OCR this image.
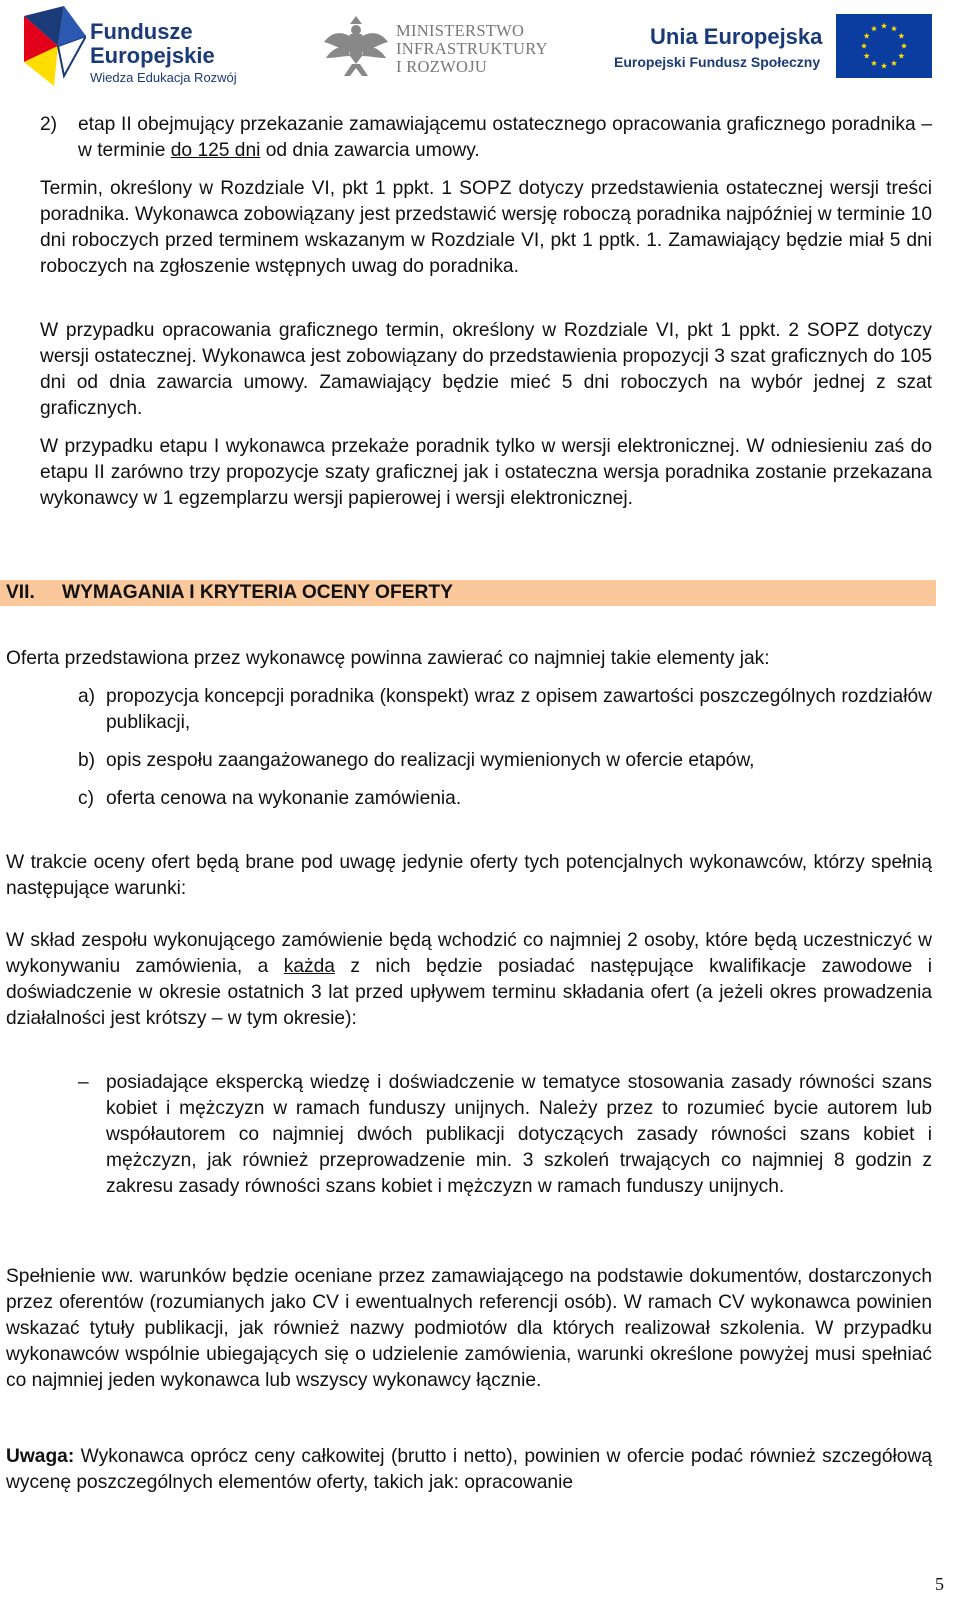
Fundusze
Europejskie
Wiedza Edukacja Rozwój
MINISTERSTWO
INFRASTRUKTURY
I ROZWOJU
Unia Europejska
Europejski Fundusz Społeczny
2) etap II obejmujący przekazanie zamawiającemu ostatecznego opracowania graficznego poradnika – w terminie do 125 dni od dnia zawarcia umowy.

Termin, określony w Rozdziale VI, pkt 1 ppkt. 1 SOPZ dotyczy przedstawienia ostatecznej wersji treści poradnika. Wykonawca zobowiązany jest przedstawić wersję roboczą poradnika najpóźniej w terminie 10 dni roboczych przed terminem wskazanym w Rozdziale VI, pkt 1 pptk. 1. Zamawiający będzie miał 5 dni roboczych na zgłoszenie wstępnych uwag do poradnika.

W przypadku opracowania graficznego termin, określony w Rozdziale VI, pkt 1 ppkt. 2 SOPZ dotyczy wersji ostatecznej. Wykonawca jest zobowiązany do przedstawienia propozycji 3 szat graficznych do 105 dni od dnia zawarcia umowy. Zamawiający będzie mieć 5 dni roboczych na wybór jednej z szat graficznych.

W przypadku etapu I wykonawca przekaże poradnik tylko w wersji elektronicznej. W odniesieniu zaś do etapu II zarówno trzy propozycje szaty graficznej jak i ostateczna wersja poradnika zostanie przekazana wykonawcy w 1 egzemplarzu wersji papierowej i wersji elektronicznej.

VII. WYMAGANIA I KRYTERIA OCENY OFERTY

Oferta przedstawiona przez wykonawcę powinna zawierać co najmniej takie elementy jak:

a) propozycja koncepcji poradnika (konspekt) wraz z opisem zawartości poszczególnych rozdziałów publikacji,

b) opis zespołu zaangażowanego do realizacji wymienionych w ofercie etapów,

c) oferta cenowa na wykonanie zamówienia.

W trakcie oceny ofert będą brane pod uwagę jedynie oferty tych potencjalnych wykonawców, którzy spełnią następujące warunki:

W skład zespołu wykonującego zamówienie będą wchodzić co najmniej 2 osoby, które będą uczestniczyć w wykonywaniu zamówienia, a każda z nich będzie posiadać następujące kwalifikacje zawodowe i doświadczenie w okresie ostatnich 3 lat przed upływem terminu składania ofert (a jeżeli okres prowadzenia działalności jest krótszy – w tym okresie):

– posiadające ekspercką wiedzę i doświadczenie w tematyce stosowania zasady równości szans kobiet i mężczyzn w ramach funduszy unijnych. Należy przez to rozumieć bycie autorem lub współautorem co najmniej dwóch publikacji dotyczących zasady równości szans kobiet i mężczyzn, jak również przeprowadzenie min. 3 szkoleń trwających co najmniej 8 godzin z zakresu zasady równości szans kobiet i mężczyzn w ramach funduszy unijnych.

Spełnienie ww. warunków będzie oceniane przez zamawiającego na podstawie dokumentów, dostarczonych przez oferentów (rozumianych jako CV i ewentualnych referencji osób). W ramach CV wykonawca powinien wskazać tytuły publikacji, jak również nazwy podmiotów dla których realizował szkolenia. W przypadku wykonawców wspólnie ubiegających się o udzielenie zamówienia, warunki określone powyżej musi spełniać co najmniej jeden wykonawca lub wszyscy wykonawcy łącznie.

Uwaga: Wykonawca oprócz ceny całkowitej (brutto i netto), powinien w ofercie podać również szczegółową wycenę poszczególnych elementów oferty, takich jak: opracowanie

5
